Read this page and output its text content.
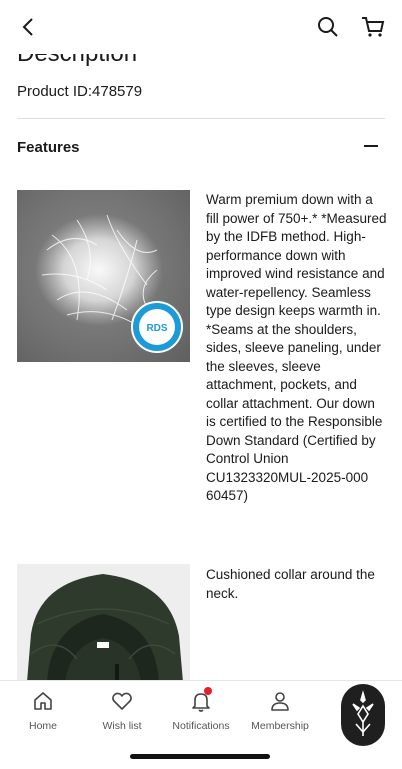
Product ID:478579
Features
RDS
Warm premium down with a fill power of 750+.* *Measured by the IDFB method. High-performance down with improved wind resistance and water-repellency. Seamless type design keeps warmth in. *Seams at the shoulders, sides, sleeve paneling, under the sleeves, sleeve attachment, pockets, and collar attachment. Our down is certified to the Responsible Down Standard (Certified by Control Union CU1323320MUL-2025-000 60457)
Cushioned collar around the neck.
Home	Wish list	Notifications	Membership
